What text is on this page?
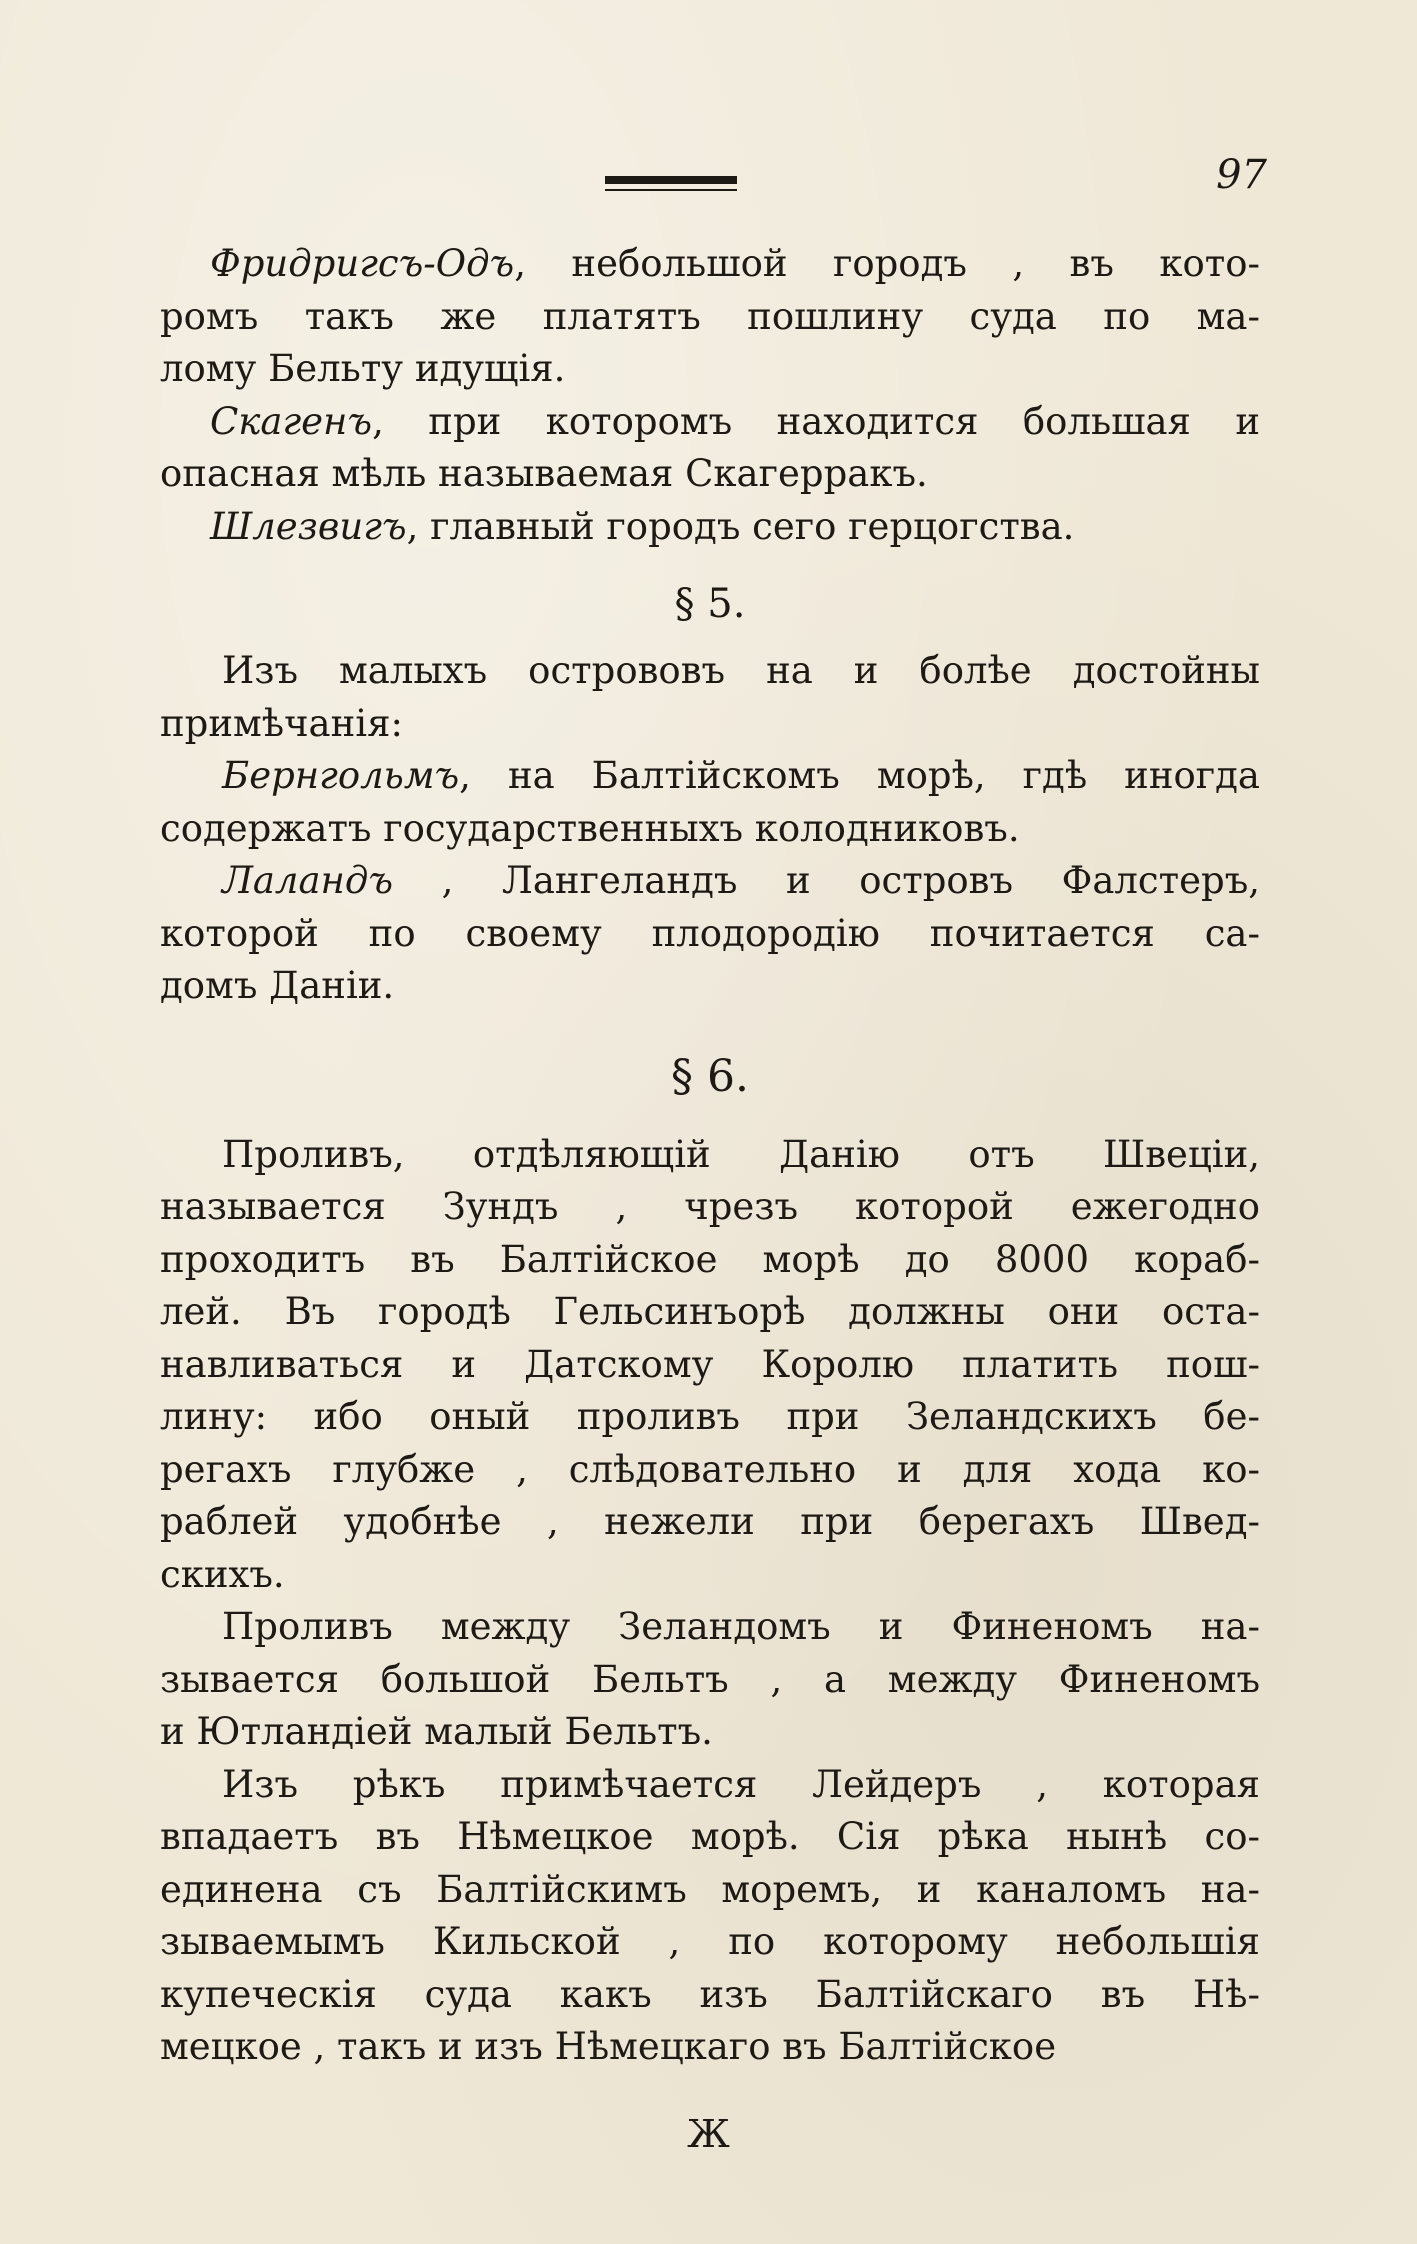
97
Фридригсъ-Одъ, небольшой городъ , въ кото-
ромъ такъ же платятъ пошлину суда по ма-
лому Бельту идущія.
Скагенъ, при которомъ находится большая и
опасная мѣль называемая Скагерракъ.
Шлезвигъ, главный городъ сего герцогства.
§ 5.
Изъ малыхъ острововъ на и болѣе достойны
примѣчанія:
Бернгольмъ, на Балтійскомъ морѣ, гдѣ иногда
содержатъ государственныхъ колодниковъ.
Лаландъ , Лангеландъ и островъ Фалстеръ,
которой по своему плодородію почитается са-
домъ Даніи.
§ 6.
Проливъ, отдѣляющій Данію отъ Швеціи,
называется Зундъ , чрезъ которой ежегодно
проходитъ въ Балтійское морѣ до 8000 кораб-
лей. Въ городѣ Гельсинъорѣ должны они оста-
навливаться и Датскому Королю платить пош-
лину: ибо оный проливъ при Зеландскихъ бе-
регахъ глубже , слѣдовательно и для хода ко-
раблей удобнѣе , нежели при берегахъ Швед-
скихъ.
Проливъ между Зеландомъ и Финеномъ на-
зывается большой Бельтъ , а между Финеномъ
и Ютландіей малый Бельтъ.
Изъ рѣкъ примѣчается Лейдеръ , которая
впадаетъ въ Нѣмецкое морѣ. Сія рѣка нынѣ со-
единена съ Балтійскимъ моремъ, и каналомъ на-
зываемымъ Кильской , по которому небольшія
купеческія суда какъ изъ Балтійскаго въ Нѣ-
мецкое , такъ и изъ Нѣмецкаго въ Балтійское
Ж
